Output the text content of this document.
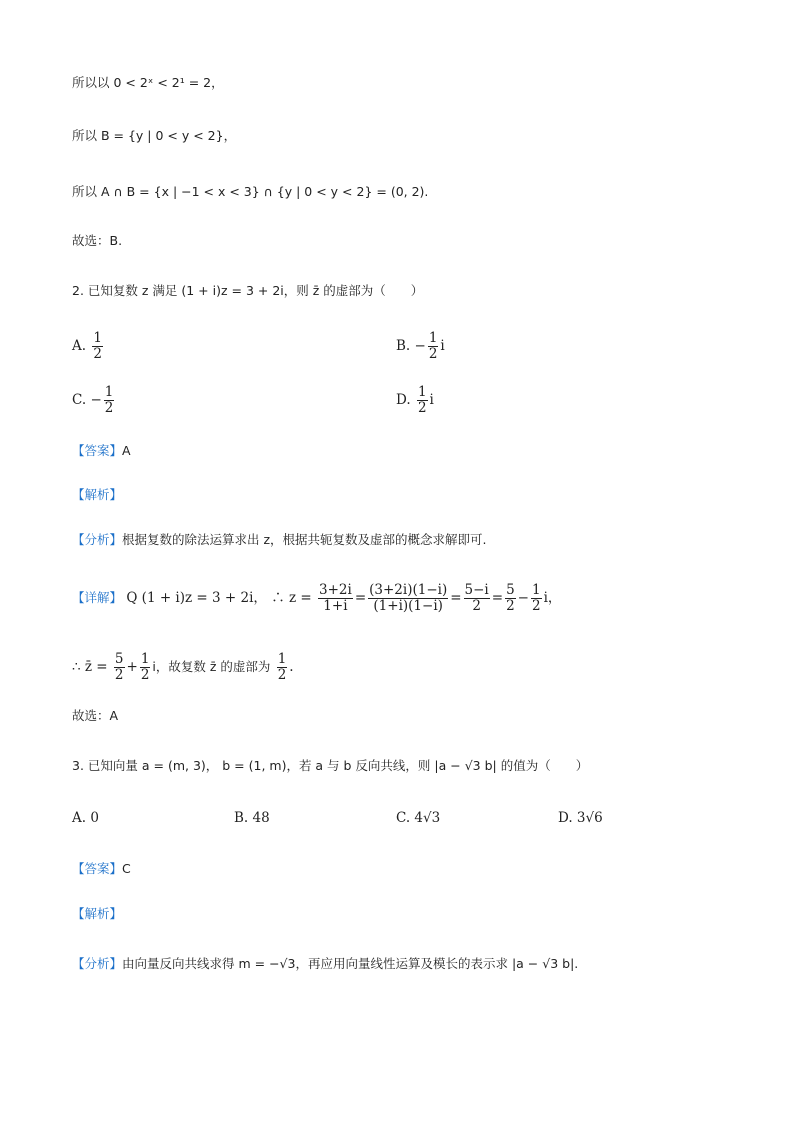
所以以 0 < 2ˣ < 2¹ = 2，
所以 B = {y | 0 < y < 2}，
所以 A ∩ B = {x | −1 < x < 3} ∩ {y | 0 < y < 2} = (0, 2).
故选：B.
2. 已知复数 z 满足 (1 + i)z = 3 + 2i，则 z̄ 的虚部为（　　）
A. $\frac{1}{2}$	B. − $\frac{1}{2}$ i
C. − $\frac{1}{2}$	D. $\frac{1}{2}$ i
【答案】A
【解析】
【分析】根据复数的除法运算求出 z，根据共轭复数及虚部的概念求解即可.
【详解】 Q (1 + i)z = 3 + 2i， ∴ $z = \frac{3+2i}{1+i} = \frac{(3+2i)(1-i)}{(1+i)(1-i)} = \frac{5-i}{2} = \frac{5}{2} - \frac{1}{2}$ i，
∴ z̄ = $\frac{5}{2} + \frac{1}{2}$ i，故复数 z̄ 的虚部为 $\frac{1}{2}$ .
故选：A
3. 已知向量 a = (m, 3)， b = (1, m)，若 a 与 b 反向共线，则 |a − √3 b| 的值为（　　）
A. 0	B. 48	C. 4√3	D. 3√6
【答案】C
【解析】
【分析】由向量反向共线求得 m = −√3，再应用向量线性运算及模长的表示求 |a − √3 b|.
